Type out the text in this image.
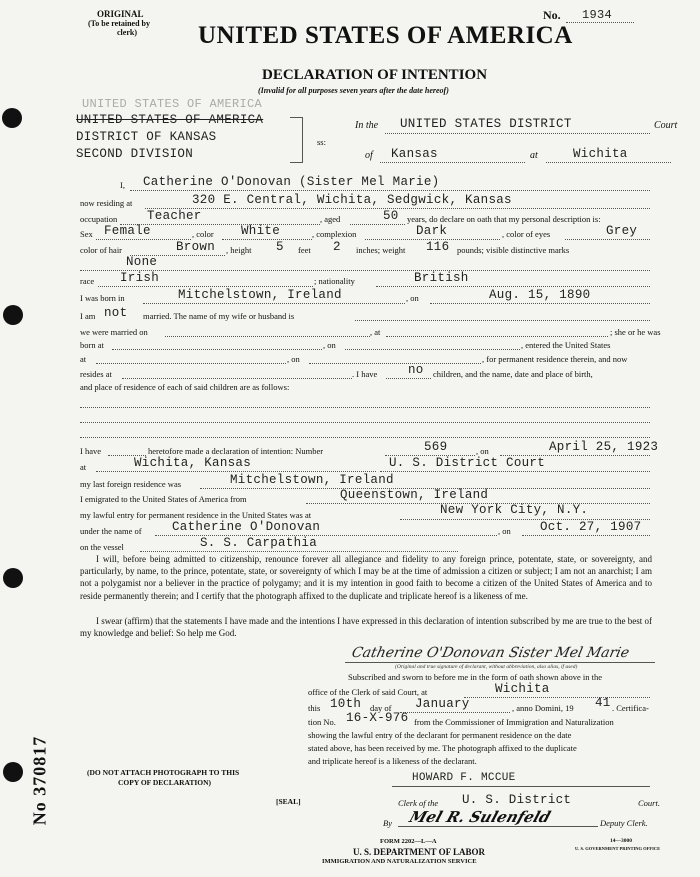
ORIGINAL
(To be retained by
clerk) UNITED STATES OF AMERICA
No. 1934
DECLARATION OF INTENTION
(Invalid for all purposes seven years after the date hereof)
UNITED STATES OF AMERICA
UNITED STATES OF AMERICA
DISTRICT OF KANSAS
SECOND DIVISION
ss:
In the UNITED STATES DISTRICT	Court
of Kansas	at	Wichita
I, Catherine O'Donovan (Sister Mel Marie)
now residing at	320 E. Central, Wichita, Sedgwick, Kansas
occupation Teacher	, aged	50 years, do declare on oath that my personal description is:
Sex Female	, color White	, complexion	Dark	, color of eyes	Grey
color of hair	Brown , height 5 feet 2 inches; weight 116 pounds; visible distinctive marks
None
race Irish	; nationality	British
I was born in	Mitchelstown, Ireland	, on	Aug. 15, 1890
I am not married. The name of my wife or husband is
we were married on	, at	; she or he was
born at	, on	, entered the United States
at	, on	, for permanent residence therein, and now
resides at	. I have no children, and the name, date and place of birth,
and place of residence of each of said children are as follows:
I have	heretofore made a declaration of intention: Number	569	, on	April 25, 1923
at	Wichita, Kansas	U. S. District Court
my last foreign residence was	Mitchelstown, Ireland
I emigrated to the United States of America from	Queenstown, Ireland
my lawful entry for permanent residence in the United States was at	New York City, N.Y.
under the name of Catherine O'Donovan	, on Oct. 27, 1907
on the vessel	S. S. Carpathia
I will, before being admitted to citizenship, renounce forever all allegiance and fidelity to any foreign prince, potentate, state, or sovereignty, and particularly, by name, to the prince, potentate, state, or sovereignty of which I may be at the time of admission a citizen or subject; I am not an anarchist; I am not a polygamist nor a believer in the practice of polygamy; and it is my intention in good faith to become a citizen of the United States of America and to reside permanently therein; and I certify that the photograph affixed to the duplicate and triplicate hereof is a likeness of me.
I swear (affirm) that the statements I have made and the intentions I have expressed in this declaration of intention subscribed by me are true to the best of my knowledge and belief: So help me God.
Catherine O'Donovan Sister Mel Marie
(Original and true signature of declarant, without abbreviation, also alias, if used)
Subscribed and sworn to before me in the form of oath shown above in the
office of the Clerk of said Court, at	Wichita
this 10th day of January	, anno Domini, 19 41 . Certifica-
tion No. 16-X-976 from the Commissioner of Immigration and Naturalization
showing the lawful entry of the declarant for permanent residence on the date
stated above, has been received by me. The photograph affixed to the duplicate
and triplicate hereof is a likeness of the declarant.
HOWARD F. MCCUE
Clerk of the U. S. District	Court.
By Mel R. Sulenfeld	Deputy Clerk.
(DO NOT ATTACH PHOTOGRAPH TO THIS
COPY OF DECLARATION)
[SEAL]
No 370817
FORM 2202—L—A
U. S. DEPARTMENT OF LABOR
IMMIGRATION AND NATURALIZATION SERVICE
14—3000
U. S. GOVERNMENT PRINTING OFFICE
